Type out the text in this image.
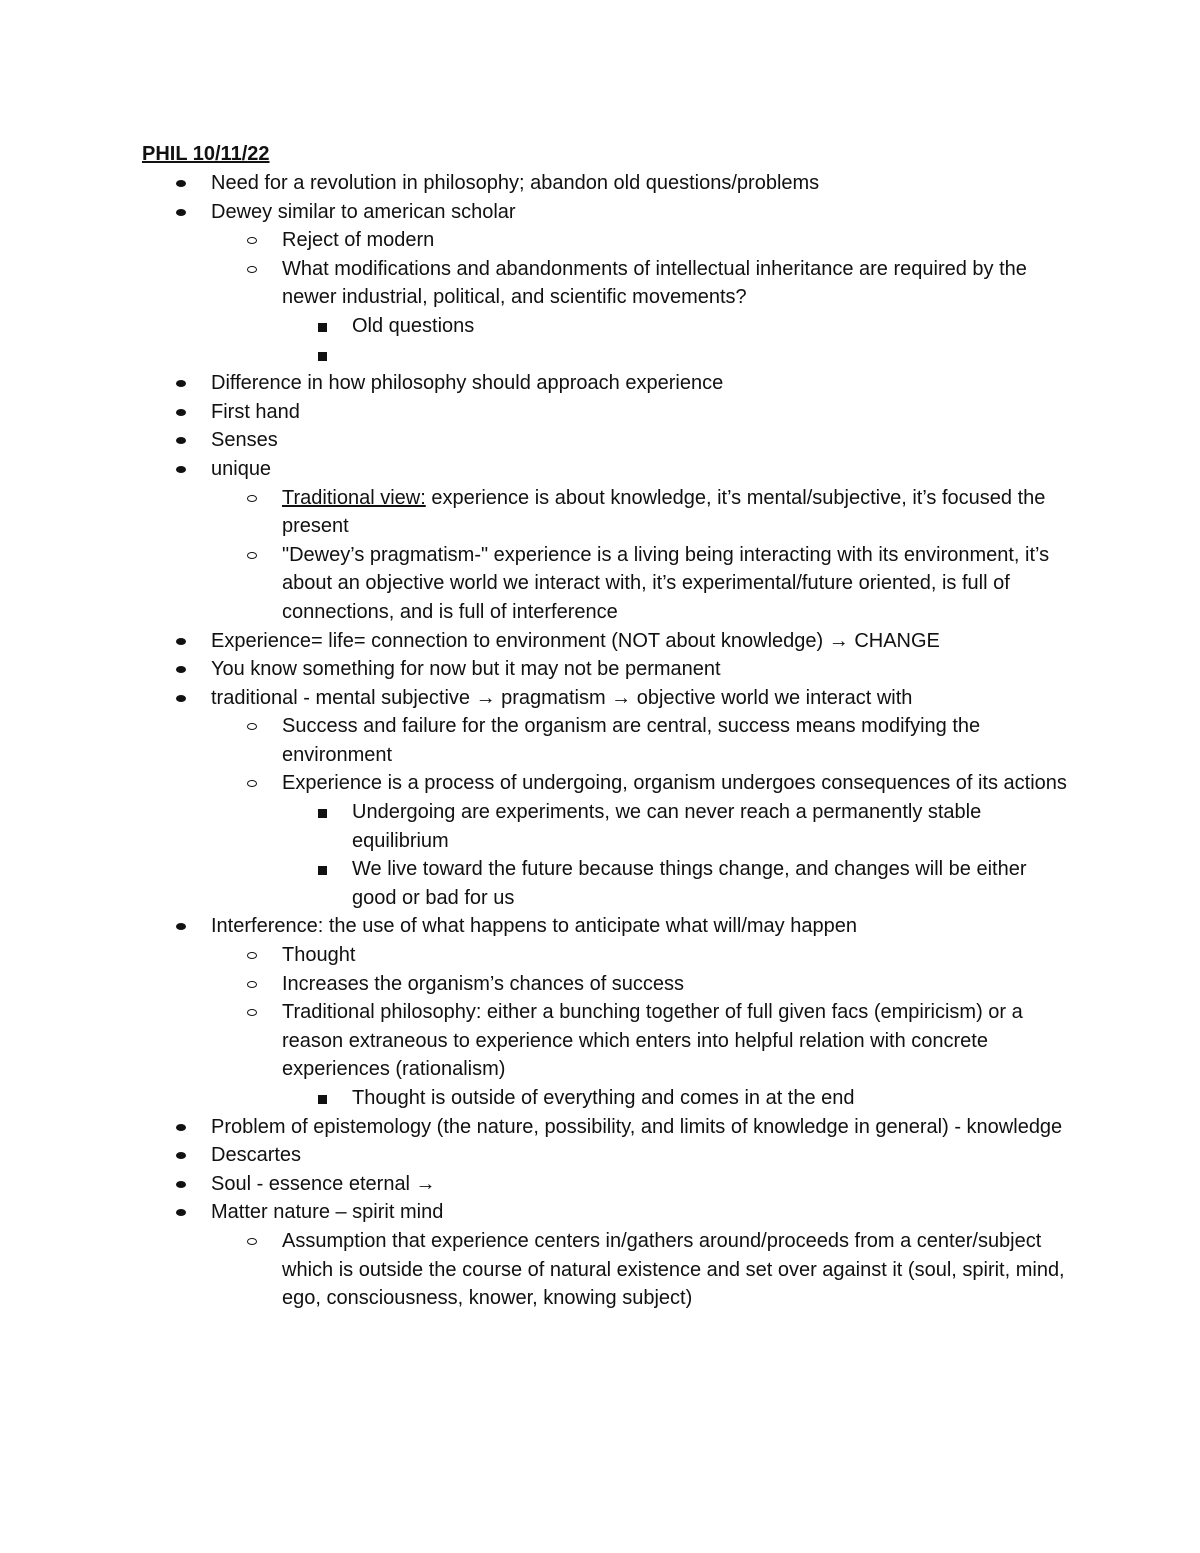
PHIL 10/11/22
Need for a revolution in philosophy; abandon old questions/problems
Dewey similar to american scholar
Reject of modern
What modifications and abandonments of intellectual inheritance are required by the newer industrial, political, and scientific movements?
Old questions

Difference in how philosophy should approach experience
First hand
Senses
unique
Traditional view: experience is about knowledge, it’s mental/subjective, it’s focused the present
"Dewey’s pragmatism-" experience is a living being interacting with its environment, it’s about an objective world we interact with, it’s experimental/future oriented, is full of connections, and is full of interference
Experience= life= connection to environment (NOT about knowledge) → CHANGE
You know something for now but it may not be permanent
traditional - mental subjective → pragmatism → objective world we interact with
Success and failure for the organism are central, success means modifying the environment
Experience is a process of undergoing, organism undergoes consequences of its actions
Undergoing are experiments, we can never reach a permanently stable equilibrium
We live toward the future because things change, and changes will be either good or bad for us
Interference: the use of what happens to anticipate what will/may happen
Thought
Increases the organism’s chances of success
Traditional philosophy: either a bunching together of full given facs (empiricism) or a reason extraneous to experience which enters into helpful relation with concrete experiences (rationalism)
Thought is outside of everything and comes in at the end
Problem of epistemology (the nature, possibility, and limits of knowledge in general) - knowledge
Descartes
Soul - essence eternal →
Matter nature – spirit mind
Assumption that experience centers in/gathers around/proceeds from a center/subject which is outside the course of natural existence and set over against it (soul, spirit, mind, ego, consciousness, knower, knowing subject)
